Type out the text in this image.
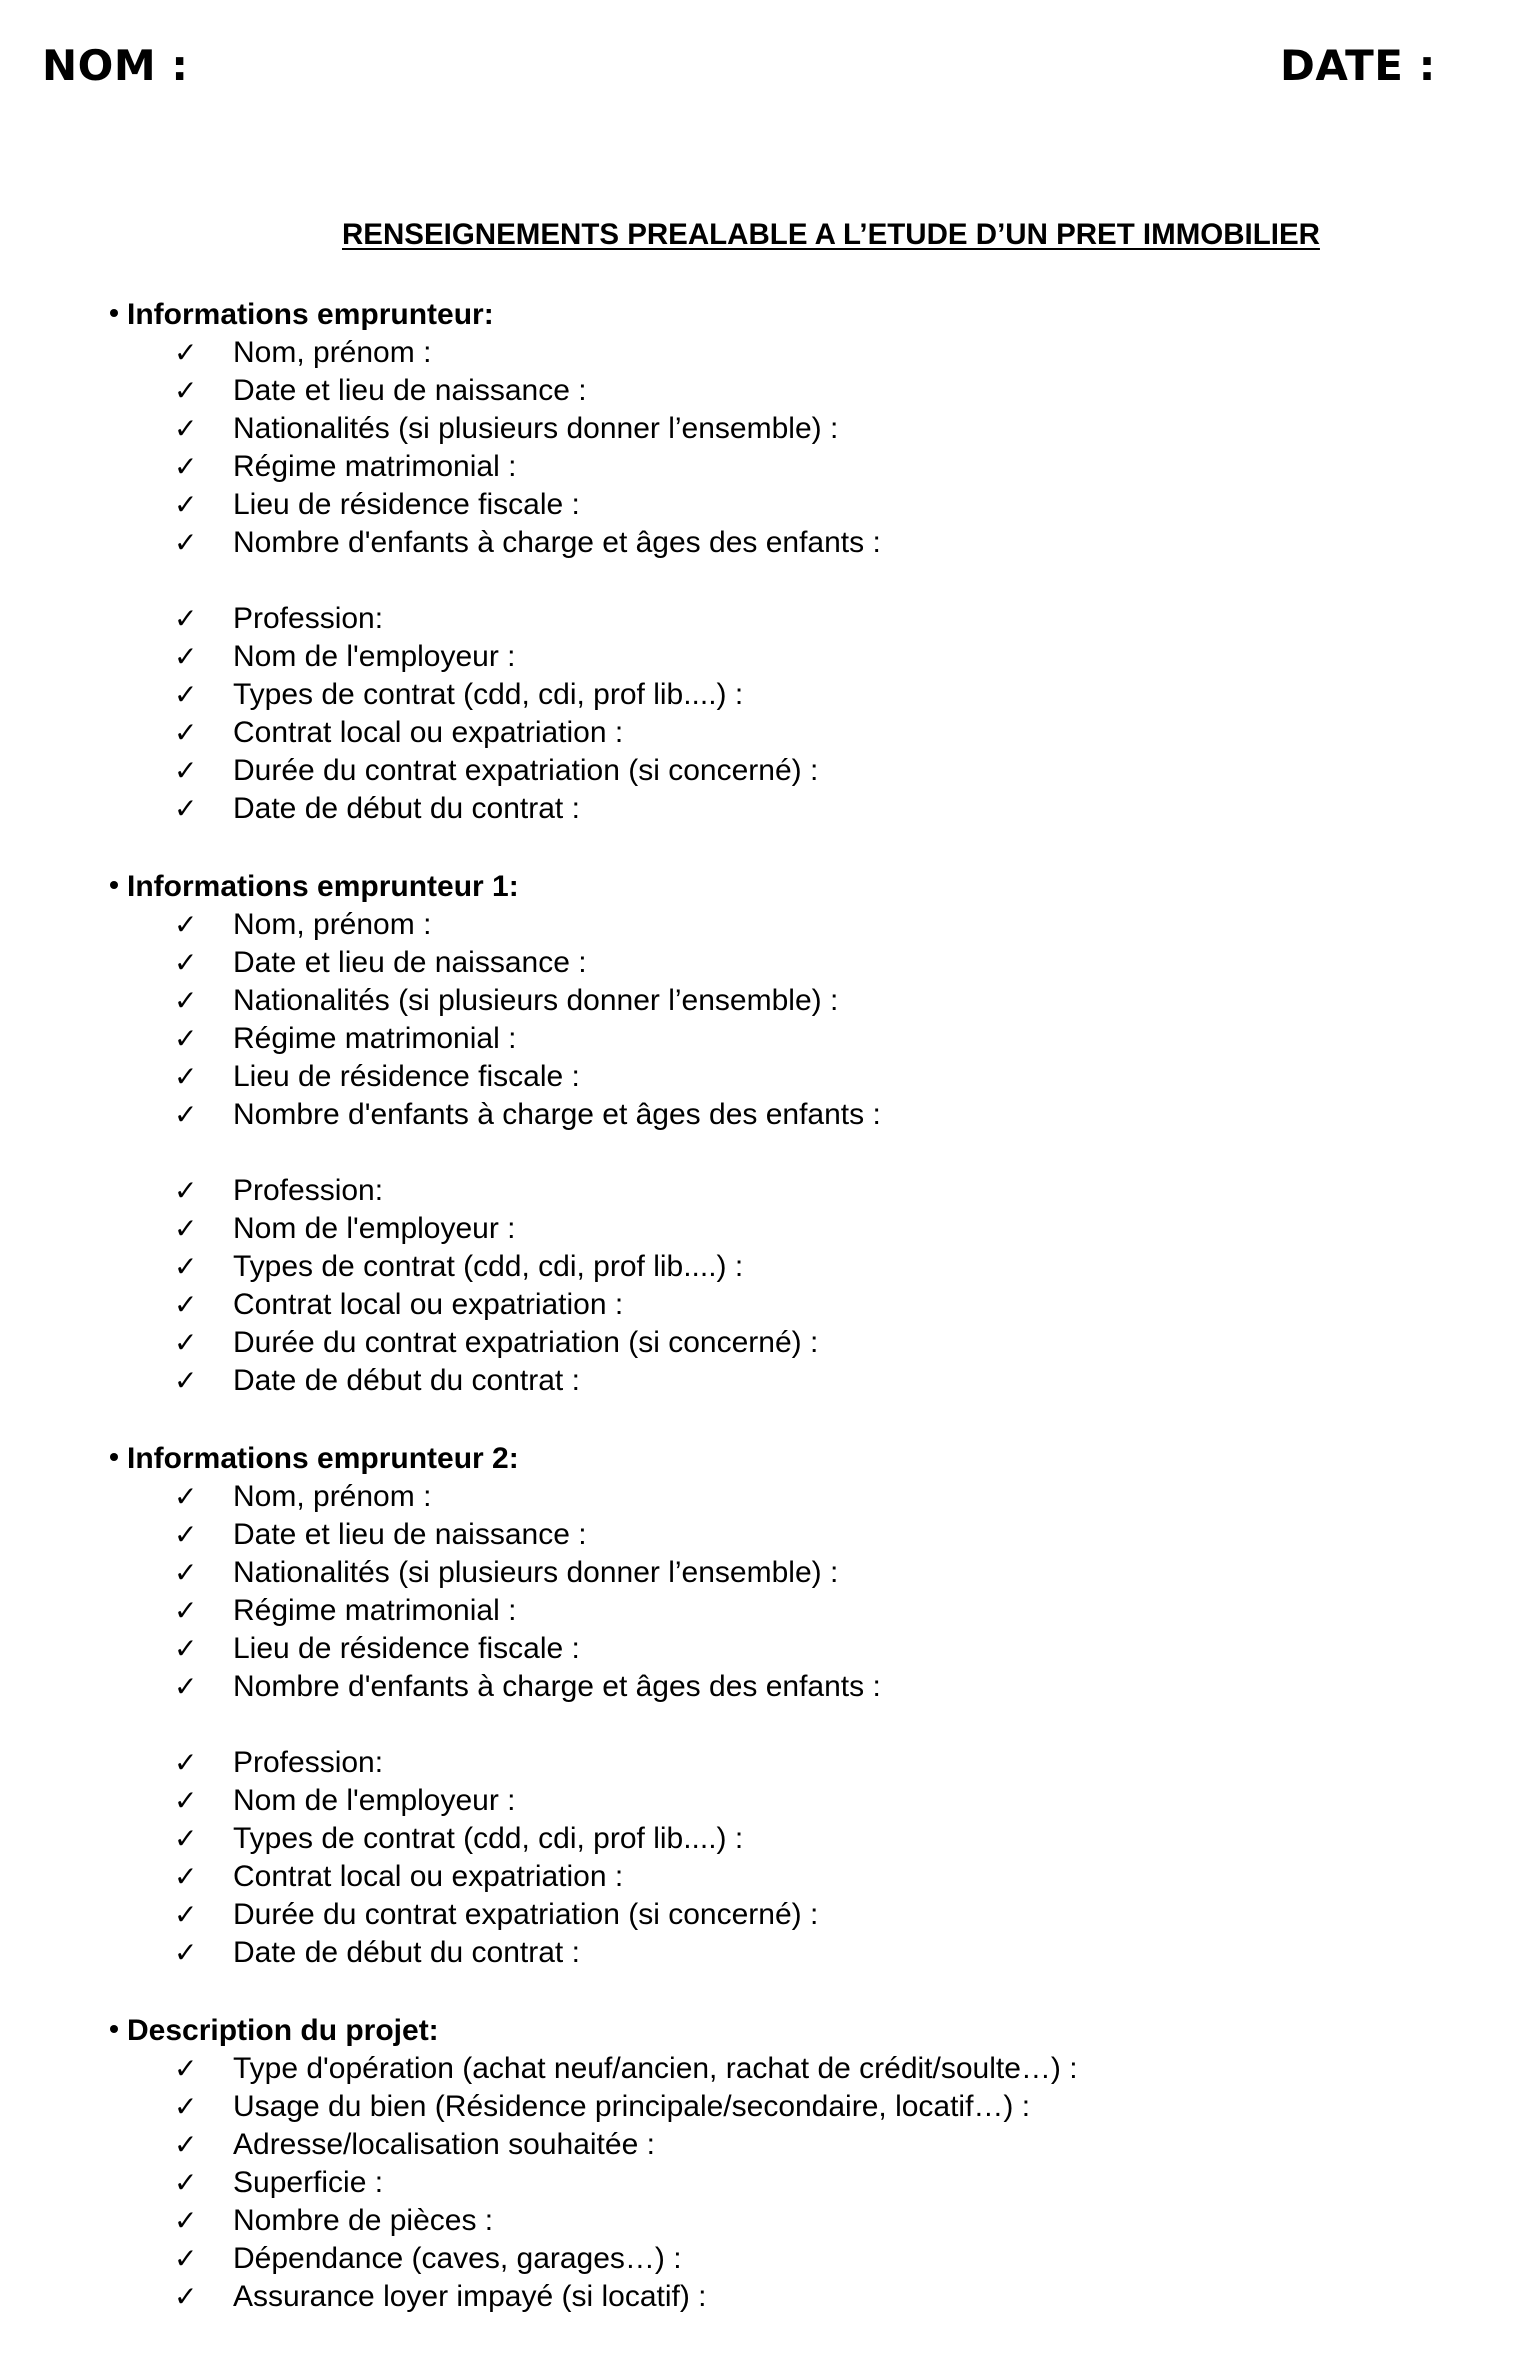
NOM :	DATE :
RENSEIGNEMENTS PREALABLE A L’ETUDE D’UN PRET IMMOBILIER
Informations emprunteur:
✓ Nom, prénom :
✓ Date et lieu de naissance :
✓ Nationalités (si plusieurs donner l’ensemble) :
✓ Régime matrimonial :
✓ Lieu de résidence fiscale :
✓ Nombre d'enfants à charge et âges des enfants :
✓ Profession:
✓ Nom de l'employeur :
✓ Types de contrat (cdd, cdi, prof lib....) :
✓ Contrat local ou expatriation :
✓ Durée du contrat expatriation (si concerné) :
✓ Date de début du contrat :
Informations emprunteur 1:
✓ Nom, prénom :
✓ Date et lieu de naissance :
✓ Nationalités (si plusieurs donner l’ensemble) :
✓ Régime matrimonial :
✓ Lieu de résidence fiscale :
✓ Nombre d'enfants à charge et âges des enfants :
✓ Profession:
✓ Nom de l'employeur :
✓ Types de contrat (cdd, cdi, prof lib....) :
✓ Contrat local ou expatriation :
✓ Durée du contrat expatriation (si concerné) :
✓ Date de début du contrat :
Informations emprunteur 2:
✓ Nom, prénom :
✓ Date et lieu de naissance :
✓ Nationalités (si plusieurs donner l’ensemble) :
✓ Régime matrimonial :
✓ Lieu de résidence fiscale :
✓ Nombre d'enfants à charge et âges des enfants :
✓ Profession:
✓ Nom de l'employeur :
✓ Types de contrat (cdd, cdi, prof lib....) :
✓ Contrat local ou expatriation :
✓ Durée du contrat expatriation (si concerné) :
✓ Date de début du contrat :
Description du projet:
✓ Type d'opération (achat neuf/ancien, rachat de crédit/soulte…) :
✓ Usage du bien (Résidence principale/secondaire, locatif…) :
✓ Adresse/localisation souhaitée :
✓ Superficie :
✓ Nombre de pièces :
✓ Dépendance (caves, garages…) :
✓ Assurance loyer impayé (si locatif) :
